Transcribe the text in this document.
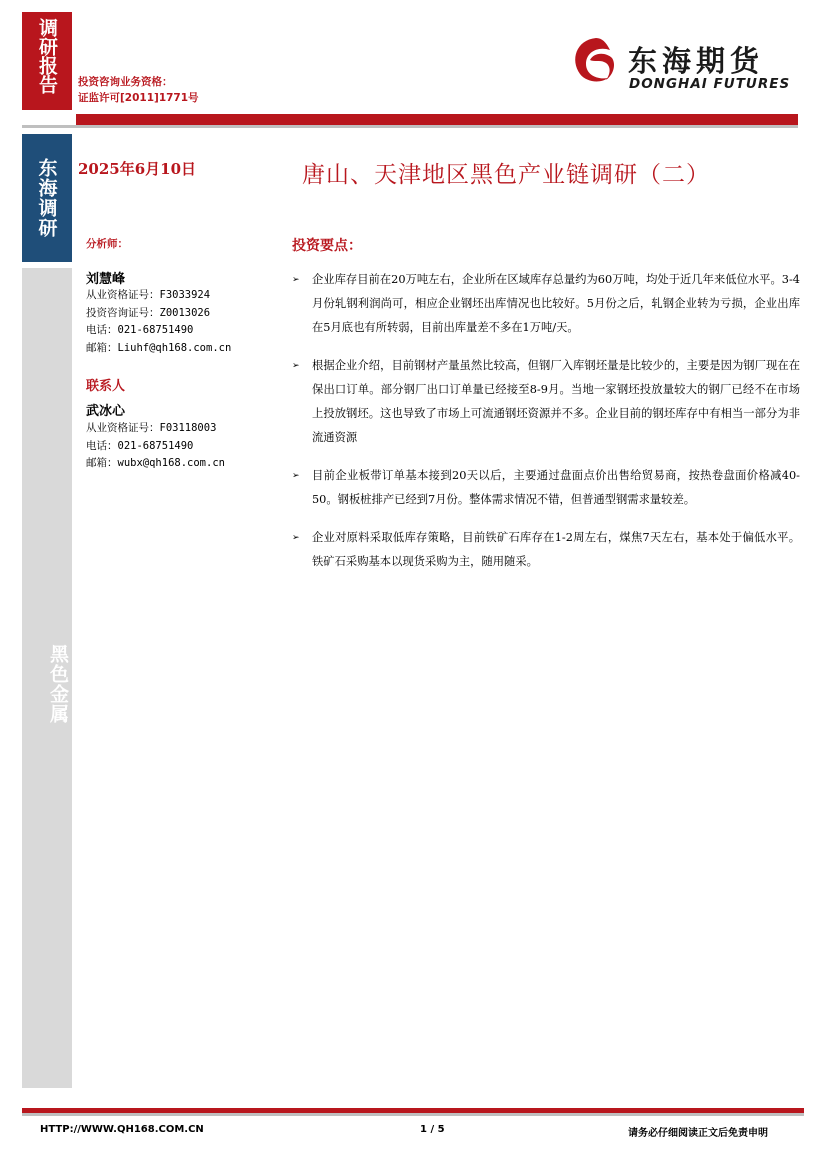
调研报告	投资咨询业务资格：
证监许可[2011]1771号
东海期货
DONGHAI FUTURES
东海调研
黑色金属
2025年6月10日	唐山、天津地区黑色产业链调研（二）
分析师：
刘慧峰
从业资格证号：F3033924
投资咨询证号：Z0013026
电话：021-68751490
邮箱：Liuhf@qh168.com.cn
联系人
武冰心
从业资格证号：F03118003
电话：021-68751490
邮箱：wubx@qh168.com.cn
投资要点：
➢ 企业库存目前在20万吨左右，企业所在区域库存总量约为60万吨，均处于近几年来低位水平。3-4月份轧钢利润尚可，相应企业钢坯出库情况也比较好。5月份之后，轧钢企业转为亏损，企业出库在5月底也有所转弱，目前出库量差不多在1万吨/天。
➢ 根据企业介绍，目前钢材产量虽然比较高，但钢厂入库钢坯量是比较少的，主要是因为钢厂现在在保出口订单。部分钢厂出口订单量已经接至8-9月。当地一家钢坯投放量较大的钢厂已经不在市场上投放钢坯。这也导致了市场上可流通钢坯资源并不多。企业目前的钢坯库存中有相当一部分为非流通资源
➢ 目前企业板带订单基本接到20天以后，主要通过盘面点价出售给贸易商，按热卷盘面价格减40-50。钢板桩排产已经到7月份。整体需求情况不错，但普通型钢需求量较差。
➢ 企业对原料采取低库存策略，目前铁矿石库存在1-2周左右，煤焦7天左右，基本处于偏低水平。铁矿石采购基本以现货采购为主，随用随采。
HTTP://WWW.QH168.COM.CN	1 / 5	请务必仔细阅读正文后免责申明
